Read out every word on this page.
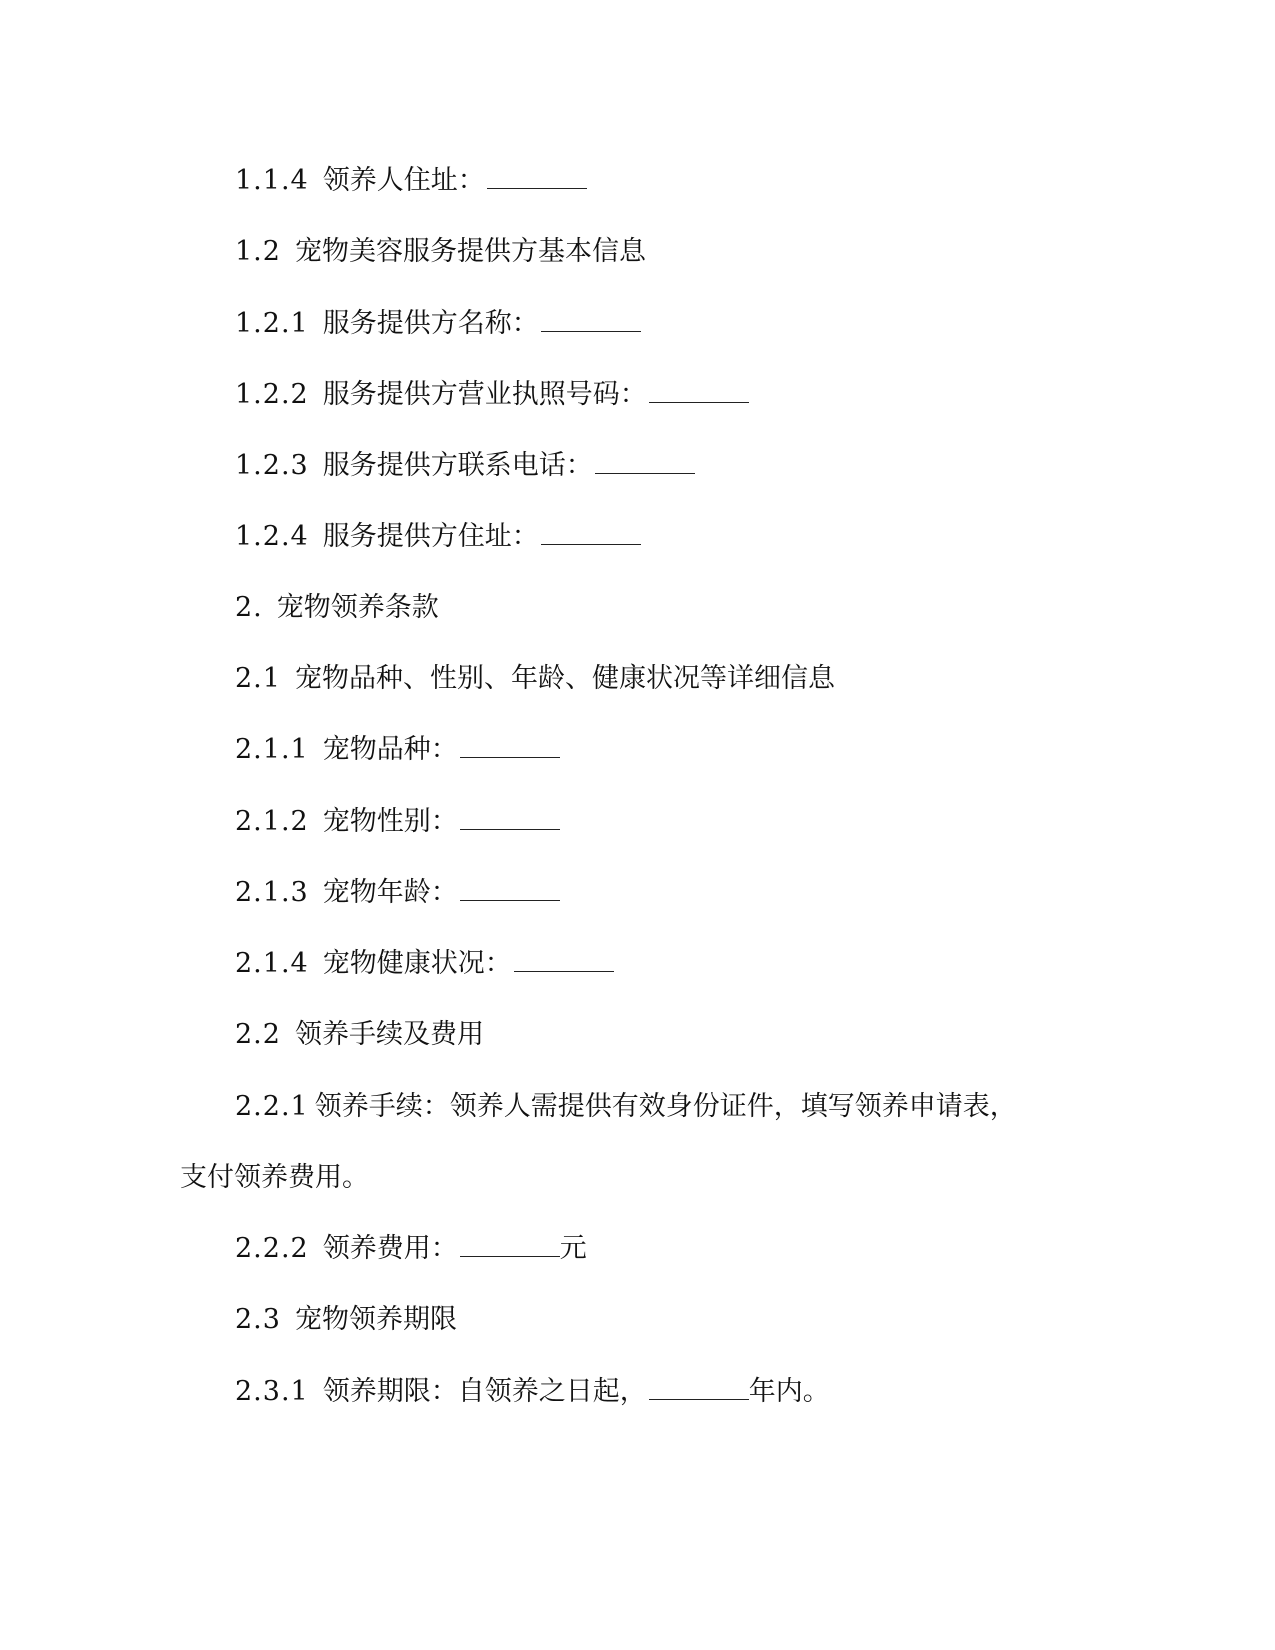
1.1.4 领养人住址：
1.2 宠物美容服务提供方基本信息
1.2.1 服务提供方名称：
1.2.2 服务提供方营业执照号码：
1.2.3 服务提供方联系电话：
1.2.4 服务提供方住址：
2. 宠物领养条款
2.1 宠物品种、性别、年龄、健康状况等详细信息
2.1.1 宠物品种：
2.1.2 宠物性别：
2.1.3 宠物年龄：
2.1.4 宠物健康状况：
2.2 领养手续及费用
2.2.1 领养手续：领养人需提供有效身份证件，填写领养申请表，
支付领养费用。
2.2.2 领养费用：	元
2.3 宠物领养期限
2.3.1 领养期限：自领养之日起，	年内。
